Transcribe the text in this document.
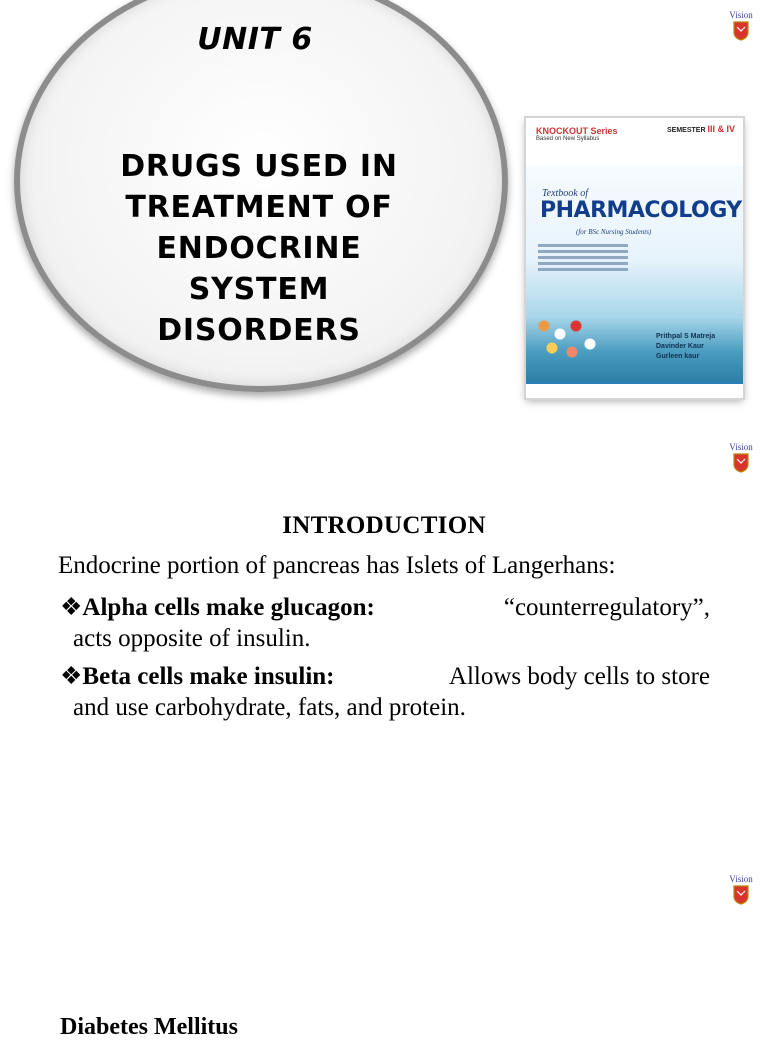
Vision
UNIT 6
DRUGS USED IN
TREATMENT OF
ENDOCRINE
SYSTEM
DISORDERS
KNOCKOUT Series
Based on New Syllabus
SEMESTER III & IV
Textbook of
PHARMACOLOGY
(for BSc Nursing Students)
Prithpal S Matreja
Davinder Kaur
Gurleen kaur
Vision
INTRODUCTION
Endocrine portion of pancreas has Islets of Langerhans:
❖Alpha cells make glucagon:	“counterregulatory”,
acts opposite of insulin.
❖Beta cells make insulin:	Allows body cells to store
and use carbohydrate, fats, and protein.
Vision
Diabetes Mellitus
